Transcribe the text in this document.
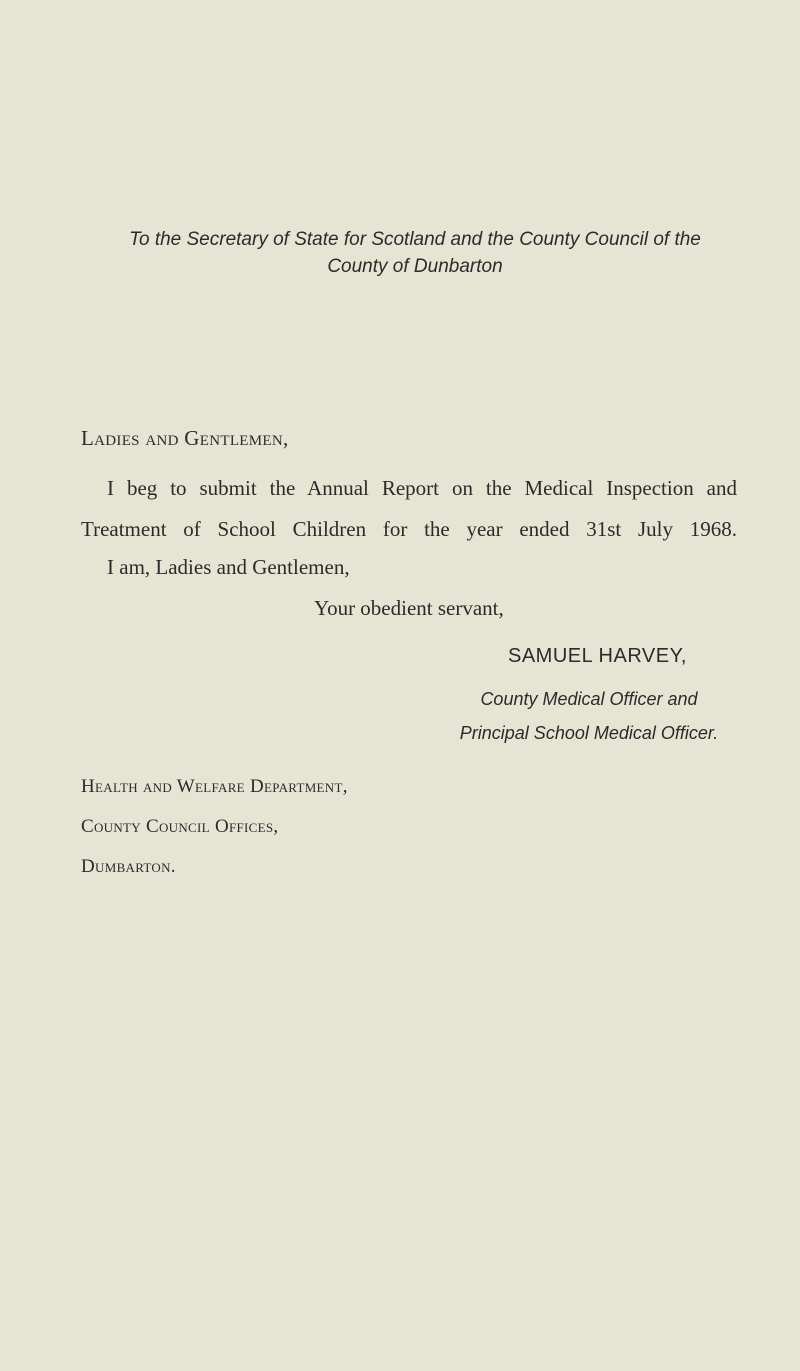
To the Secretary of State for Scotland and the County Council of the
County of Dunbarton
Ladies and Gentlemen,
I beg to submit the Annual Report on the Medical Inspection and Treatment of School Children for the year ended 31st July 1968.
I am, Ladies and Gentlemen,
Your obedient servant,
SAMUEL HARVEY,
County Medical Officer and
Principal School Medical Officer.
Health and Welfare Department,
County Council Offices,
Dumbarton.
